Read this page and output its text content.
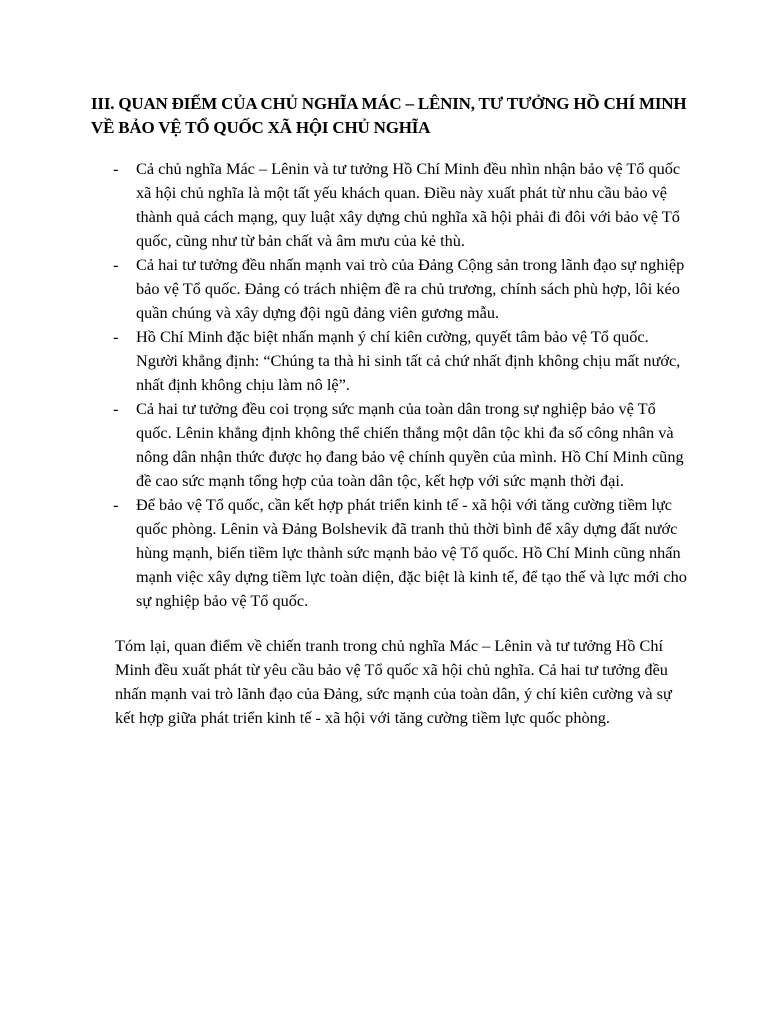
III. QUAN ĐIỂM CỦA CHỦ NGHĨA MÁC – LÊNIN, TƯ TƯỞNG HỒ CHÍ MINH VỀ BẢO VỆ TỔ QUỐC XÃ HỘI CHỦ NGHĨA
- Cả chủ nghĩa Mác – Lênin và tư tưởng Hồ Chí Minh đều nhìn nhận bảo vệ Tổ quốc xã hội chủ nghĩa là một tất yếu khách quan. Điều này xuất phát từ nhu cầu bảo vệ thành quả cách mạng, quy luật xây dựng chủ nghĩa xã hội phải đi đôi với bảo vệ Tổ quốc, cũng như từ bản chất và âm mưu của kẻ thù.
- Cả hai tư tưởng đều nhấn mạnh vai trò của Đảng Cộng sản trong lãnh đạo sự nghiệp bảo vệ Tổ quốc. Đảng có trách nhiệm đề ra chủ trương, chính sách phù hợp, lôi kéo quần chúng và xây dựng đội ngũ đảng viên gương mẫu.
- Hồ Chí Minh đặc biệt nhấn mạnh ý chí kiên cường, quyết tâm bảo vệ Tổ quốc. Người khẳng định: “Chúng ta thà hi sinh tất cả chứ nhất định không chịu mất nước, nhất định không chịu làm nô lệ”.
- Cả hai tư tưởng đều coi trọng sức mạnh của toàn dân trong sự nghiệp bảo vệ Tổ quốc. Lênin khẳng định không thể chiến thắng một dân tộc khi đa số công nhân và nông dân nhận thức được họ đang bảo vệ chính quyền của mình. Hồ Chí Minh cũng đề cao sức mạnh tổng hợp của toàn dân tộc, kết hợp với sức mạnh thời đại.
- Để bảo vệ Tổ quốc, cần kết hợp phát triển kinh tế - xã hội với tăng cường tiềm lực quốc phòng. Lênin và Đảng Bolshevik đã tranh thủ thời bình để xây dựng đất nước hùng mạnh, biến tiềm lực thành sức mạnh bảo vệ Tổ quốc. Hồ Chí Minh cũng nhấn mạnh việc xây dựng tiềm lực toàn diện, đặc biệt là kinh tế, để tạo thế và lực mới cho sự nghiệp bảo vệ Tổ quốc.

Tóm lại, quan điểm về chiến tranh trong chủ nghĩa Mác – Lênin và tư tưởng Hồ Chí Minh đều xuất phát từ yêu cầu bảo vệ Tổ quốc xã hội chủ nghĩa. Cả hai tư tưởng đều nhấn mạnh vai trò lãnh đạo của Đảng, sức mạnh của toàn dân, ý chí kiên cường và sự kết hợp giữa phát triển kinh tế - xã hội với tăng cường tiềm lực quốc phòng.
